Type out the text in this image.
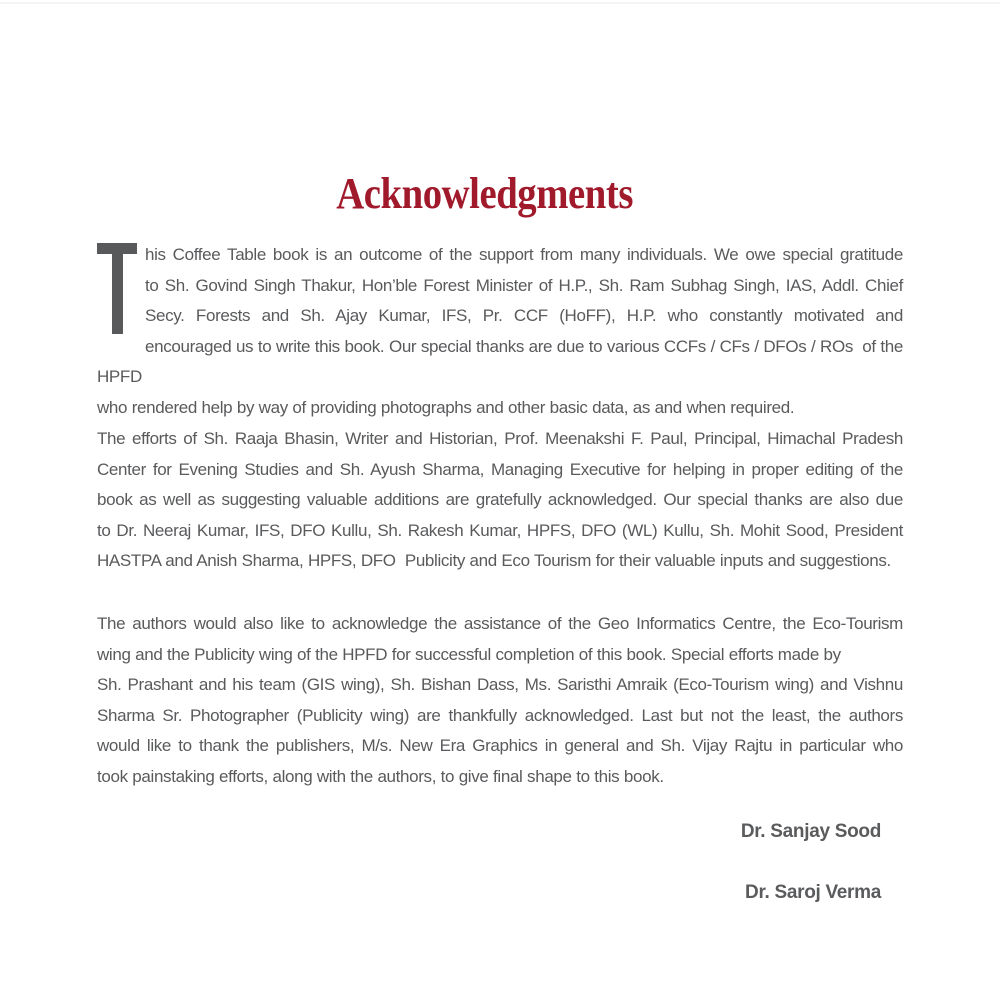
Acknowledgments
his Coffee Table book is an outcome of the support from many individuals. We owe special gratitude
to Sh. Govind Singh Thakur, Hon’ble Forest Minister of H.P., Sh. Ram Subhag Singh, IAS, Addl. Chief
Secy. Forests and Sh. Ajay Kumar, IFS, Pr. CCF (HoFF), H.P. who constantly motivated and
encouraged us to write this book. Our special thanks are due to various CCFs / CFs / DFOs / ROs  of the HPFD
who rendered help by way of providing photographs and other basic data, as and when required.
The efforts of Sh. Raaja Bhasin, Writer and Historian, Prof. Meenakshi F. Paul, Principal, Himachal Pradesh
Center for Evening Studies and Sh. Ayush Sharma, Managing Executive for helping in proper editing of the
book as well as suggesting valuable additions are gratefully acknowledged. Our special thanks are also due
to Dr. Neeraj Kumar, IFS, DFO Kullu, Sh. Rakesh Kumar, HPFS, DFO (WL) Kullu, Sh. Mohit Sood, President
HASTPA and Anish Sharma, HPFS, DFO  Publicity and Eco Tourism for their valuable inputs and suggestions.
The authors would also like to acknowledge the assistance of the Geo Informatics Centre, the Eco-Tourism
wing and the Publicity wing of the HPFD for successful completion of this book. Special efforts made by
Sh. Prashant and his team (GIS wing), Sh. Bishan Dass, Ms. Saristhi Amraik (Eco-Tourism wing) and Vishnu
Sharma Sr. Photographer (Publicity wing) are thankfully acknowledged. Last but not the least, the authors
would like to thank the publishers, M/s. New Era Graphics in general and Sh. Vijay Rajtu in particular who
took painstaking efforts, along with the authors, to give final shape to this book.
Dr. Sanjay Sood
Dr. Saroj Verma
